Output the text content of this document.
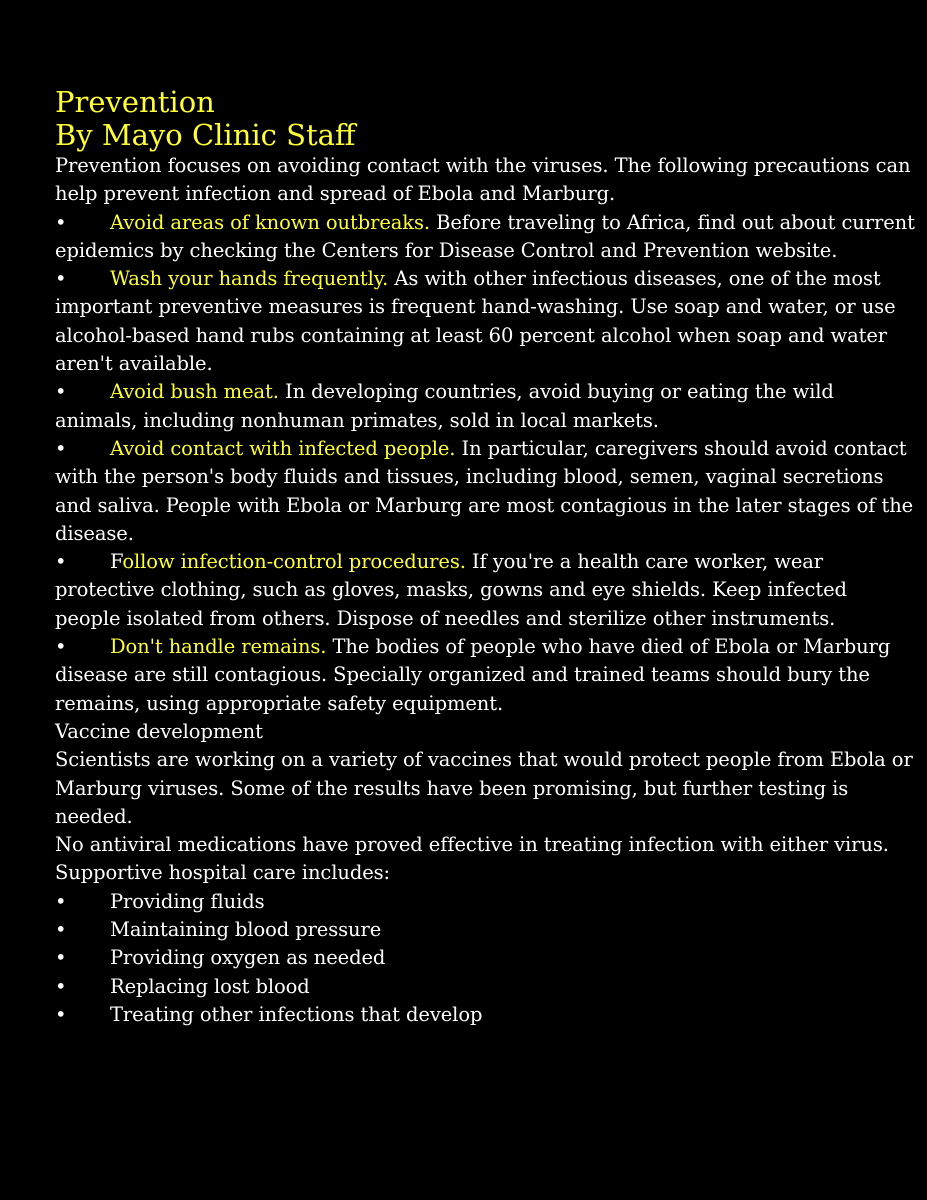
Prevention
By Mayo Clinic Staff

Prevention focuses on avoiding contact with the viruses. The following precautions can help prevent infection and spread of Ebola and Marburg.

• Avoid areas of known outbreaks. Before traveling to Africa, find out about current epidemics by checking the Centers for Disease Control and Prevention website.

• Wash your hands frequently. As with other infectious diseases, one of the most important preventive measures is frequent hand-washing. Use soap and water, or use alcohol-based hand rubs containing at least 60 percent alcohol when soap and water aren't available.

• Avoid bush meat. In developing countries, avoid buying or eating the wild animals, including nonhuman primates, sold in local markets.

• Avoid contact with infected people. In particular, caregivers should avoid contact with the person's body fluids and tissues, including blood, semen, vaginal secretions and saliva. People with Ebola or Marburg are most contagious in the later stages of the disease.

• Follow infection-control procedures. If you're a health care worker, wear protective clothing, such as gloves, masks, gowns and eye shields. Keep infected people isolated from others. Dispose of needles and sterilize other instruments.

• Don't handle remains. The bodies of people who have died of Ebola or Marburg disease are still contagious. Specially organized and trained teams should bury the remains, using appropriate safety equipment.

Vaccine development

Scientists are working on a variety of vaccines that would protect people from Ebola or Marburg viruses. Some of the results have been promising, but further testing is needed.

No antiviral medications have proved effective in treating infection with either virus. Supportive hospital care includes:

• Providing fluids

• Maintaining blood pressure

• Providing oxygen as needed

• Replacing lost blood

• Treating other infections that develop
